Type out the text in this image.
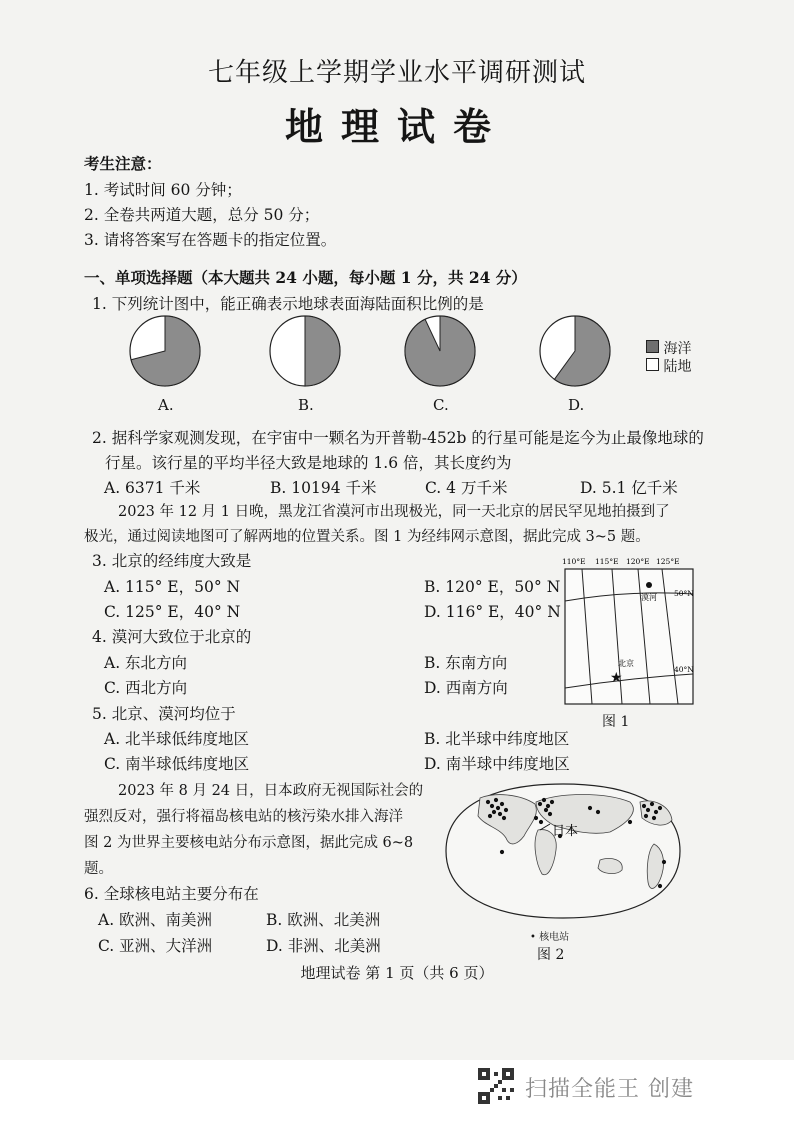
七年级上学期学业水平调研测试
地理试卷
考生注意：
1. 考试时间 60 分钟；
2. 全卷共两道大题，总分 50 分；
3. 请将答案写在答题卡的指定位置。
一、单项选择题（本大题共 24 小题，每小题 1 分，共 24 分）
1. 下列统计图中，能正确表示地球表面海陆面积比例的是
A.	B.	C.	D.
海洋
陆地
2. 据科学家观测发现，在宇宙中一颗名为开普勒-452b 的行星可能是迄今为止最像地球的
行星。该行星的平均半径大致是地球的 1.6 倍，其长度约为
A. 6371 千米	B. 10194 千米	C. 4 万千米	D. 5.1 亿千米
2023 年 12 月 1 日晚，黑龙江省漠河市出现极光，同一天北京的居民罕见地拍摄到了
极光，通过阅读地图可了解两地的位置关系。图 1 为经纬网示意图，据此完成 3~5 题。
3. 北京的经纬度大致是
A. 115° E，50° N	B. 120° E，50° N
C. 125° E，40° N	D. 116° E，40° N
4. 漠河大致位于北京的
A. 东北方向	B. 东南方向
C. 西北方向	D. 西南方向
5. 北京、漠河均位于
A. 北半球低纬度地区	B. 北半球中纬度地区
C. 南半球低纬度地区	D. 南半球中纬度地区
★
110°E 115°E 120°E 125°E
50°N
40°N
漠河
北京
图 1
2023 年 8 月 24 日，日本政府无视国际社会的
强烈反对，强行将福岛核电站的核污染水排入海洋
图 2 为世界主要核电站分布示意图，据此完成 6~8
题。
6. 全球核电站主要分布在
A. 欧洲、南美洲	B. 欧洲、北美洲
C. 亚洲、大洋洲	D. 非洲、北美洲
日本
• 核电站
图 2
地理试卷 第 1 页（共 6 页）
扫描全能王 创建
